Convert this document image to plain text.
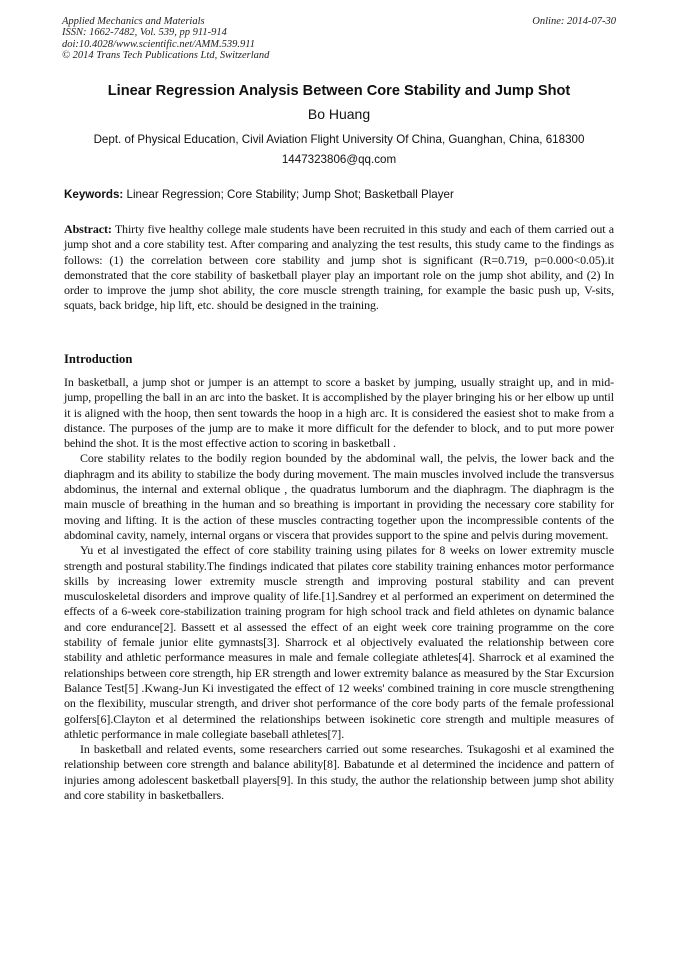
Applied Mechanics and Materials
ISSN: 1662-7482, Vol. 539, pp 911-914
doi:10.4028/www.scientific.net/AMM.539.911
© 2014 Trans Tech Publications Ltd, Switzerland
Online: 2014-07-30
Linear Regression Analysis Between Core Stability and Jump Shot
Bo Huang
Dept. of Physical Education, Civil Aviation Flight University Of China, Guanghan, China, 618300
1447323806@qq.com
Keywords: Linear Regression; Core Stability; Jump Shot; Basketball Player
Abstract: Thirty five healthy college male students have been recruited in this study and each of them carried out a jump shot and a core stability test. After comparing and analyzing the test results, this study came to the findings as follows: (1) the correlation between core stability and jump shot is significant (R=0.719, p=0.000<0.05).it demonstrated that the core stability of basketball player play an important role on the jump shot ability, and (2) In order to improve the jump shot ability, the core muscle strength training, for example the basic push up, V-sits, squats, back bridge, hip lift, etc. should be designed in the training.
Introduction

In basketball, a jump shot or jumper is an attempt to score a basket by jumping, usually straight up, and in mid-jump, propelling the ball in an arc into the basket. It is accomplished by the player bringing his or her elbow up until it is aligned with the hoop, then sent towards the hoop in a high arc. It is considered the easiest shot to make from a distance. The purposes of the jump are to make it more difficult for the defender to block, and to put more power behind the shot. It is the most effective action to scoring in basketball .

Core stability relates to the bodily region bounded by the abdominal wall, the pelvis, the lower back and the diaphragm and its ability to stabilize the body during movement. The main muscles involved include the transversus abdominus, the internal and external oblique , the quadratus lumborum and the diaphragm. The diaphragm is the main muscle of breathing in the human and so breathing is important in providing the necessary core stability for moving and lifting. It is the action of these muscles contracting together upon the incompressible contents of the abdominal cavity, namely, internal organs or viscera that provides support to the spine and pelvis during movement.

Yu et al investigated the effect of core stability training using pilates for 8 weeks on lower extremity muscle strength and postural stability.The findings indicated that pilates core stability training enhances motor performance skills by increasing lower extremity muscle strength and improving postural stability and can prevent musculoskeletal disorders and improve quality of life.[1].Sandrey et al performed an experiment on determined the effects of a 6-week core-stabilization training program for high school track and field athletes on dynamic balance and core endurance[2]. Bassett et al assessed the effect of an eight week core training programme on the core stability of female junior elite gymnasts[3]. Sharrock et al objectively evaluated the relationship between core stability and athletic performance measures in male and female collegiate athletes[4]. Sharrock et al examined the relationships between core strength, hip ER strength and lower extremity balance as measured by the Star Excursion Balance Test[5] .Kwang-Jun Ki investigated the effect of 12 weeks' combined training in core muscle strengthening on the flexibility, muscular strength, and driver shot performance of the core body parts of the female professional golfers[6].Clayton et al determined the relationships between isokinetic core strength and multiple measures of athletic performance in male collegiate baseball athletes[7].

In basketball and related events, some researchers carried out some researches. Tsukagoshi et al examined the relationship between core strength and balance ability[8]. Babatunde et al determined the incidence and pattern of injuries among adolescent basketball players[9]. In this study, the author the relationship between jump shot ability and core stability in basketballers.
